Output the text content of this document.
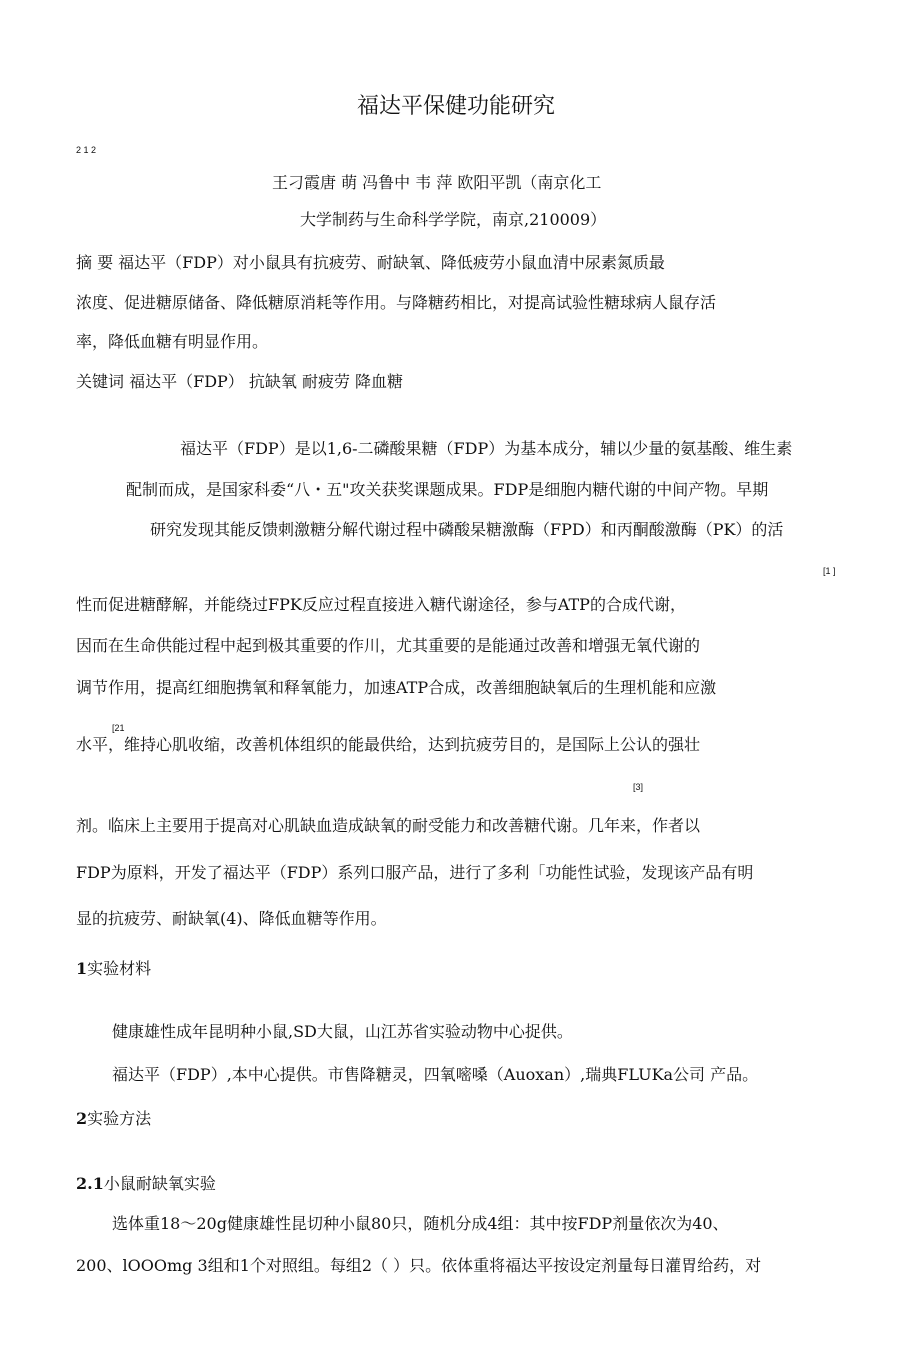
福达平保健功能研究
2 1 2
王刁霞唐 萌 冯鲁中 韦 萍 欧阳平凯（南京化工
大学制药与生命科学学院，南京,210009）
摘 要 福达平（FDP）对小鼠具有抗疲劳、耐缺氧、降低疲劳小鼠血清中尿素氮质最
浓度、促进糖原储备、降低糖原消耗等作用。与降糖药相比，对提高试验性糖球病人鼠存活
率，降低血糖有明显作用。
关键词 福达平（FDP） 抗缺氧 耐疲劳 降血糖
福达平（FDP）是以1,6-二磷酸果糖（FDP）为基本成分，辅以少量的氨基酸、维生素
配制而成，是国家科委“八・五"攻关获奖课题成果。FDP是细胞内糖代谢的中间产物。早期
研究发现其能反馈刺激糖分解代谢过程中磷酸杲糖激酶（FPD）和丙酮酸激酶（PK）的活
[1 ]
性而促进糖酵解，并能绕过FPK反应过程直接进入糖代谢途径，参与ATP的合成代谢，
因而在生命供能过程中起到极其重要的作川，尤其重要的是能通过改善和增强无氧代谢的
调节作用，提高红细胞携氧和释氧能力，加速ATP合成，改善细胞缺氧后的生理机能和应激
[21
水平，维持心肌收缩，改善机体组织的能最供给，达到抗疲劳目的，是国际上公认的强壮
[3]
剂。临床上主要用于提高对心肌缺血造成缺氧的耐受能力和改善糖代谢。几年来，作者以
FDP为原料，开发了福达平（FDP）系列口服产品，进行了多利「功能性试验，发现该产品有明
显的抗疲劳、耐缺氧(4)、降低血糖等作用。
1实验材料
健康雄性成年昆明种小鼠,SD大鼠，山江苏省实验动物中心捉供。
福达平（FDP）,本中心提供。市售降糖灵，四氧嘧嗓（Auoxan）,瑞典FLUKa公司 产品。
2实验方法
2.1小鼠耐缺氧实验
选体重18～20g健康雄性昆切种小鼠80只，随机分成4组：其中按FDP剂量依次为40、
200、lOOOmg 3组和1个对照组。每组2（ ）只。依体重将福达平按设定剂量每日灌胃给药，对
